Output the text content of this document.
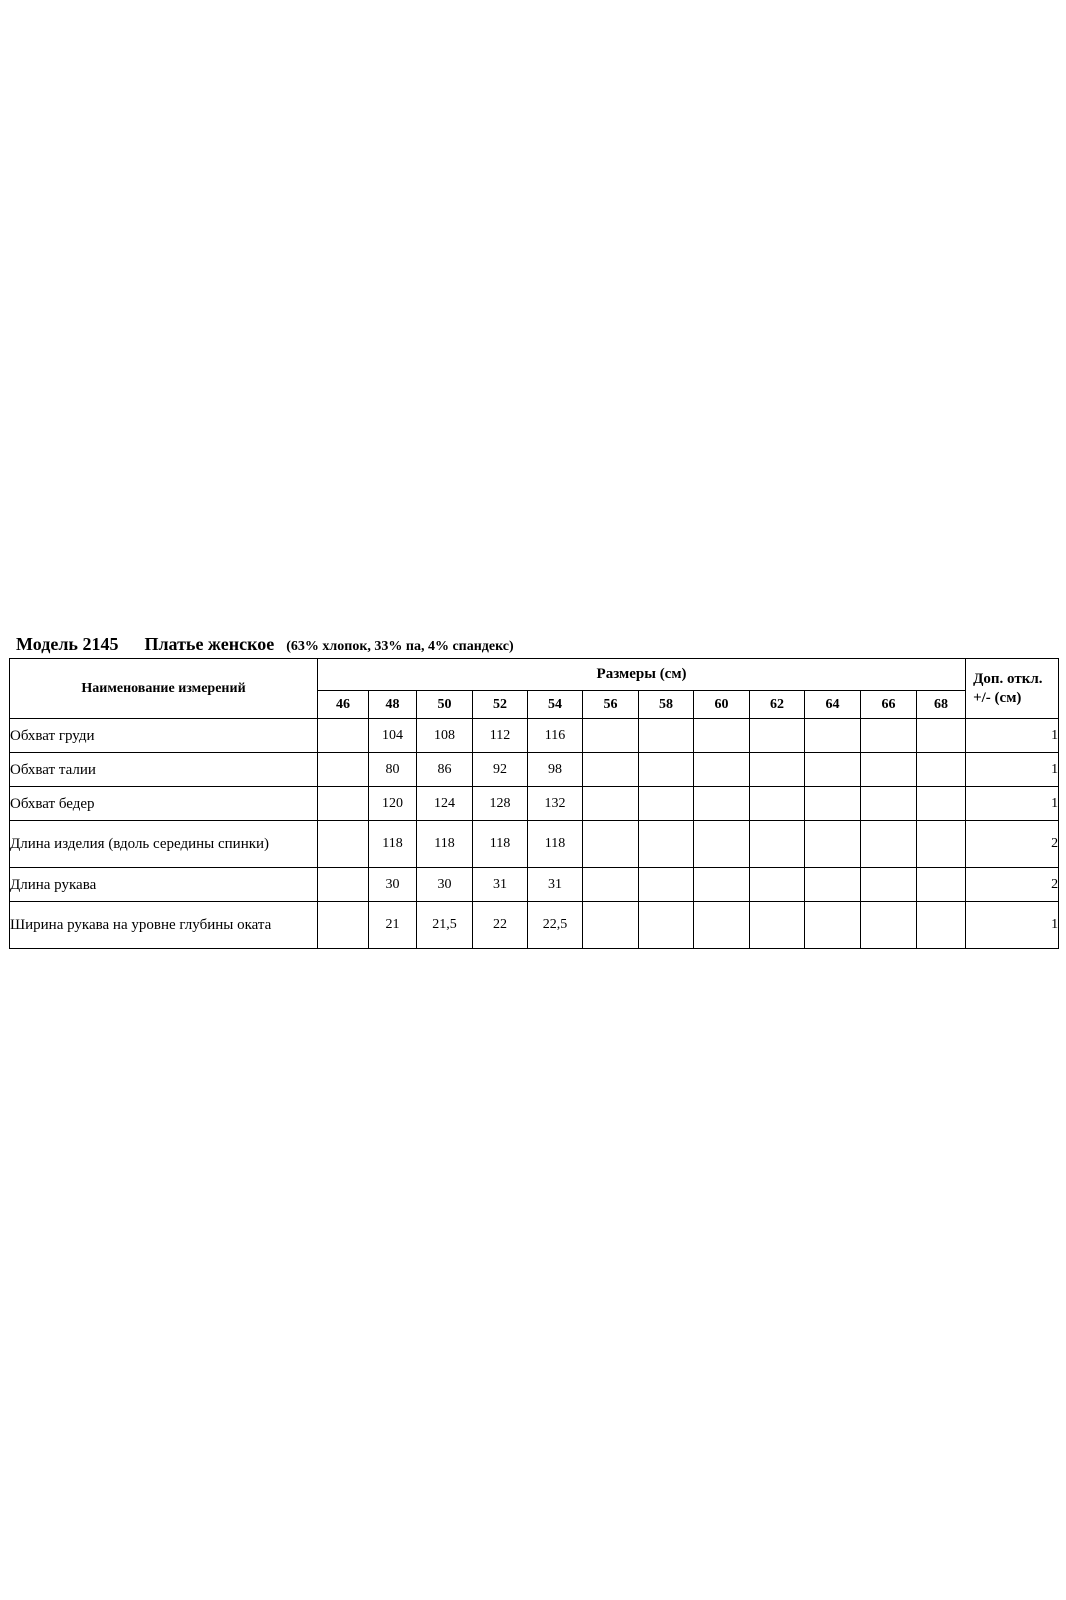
Модель 2145 Платье женское (63% хлопок, 33% па, 4% спандекс)
Наименование измерений	Размеры (см)												Доп. откл. +/- (см)
	46	48	50	52	54	56	58	60	62	64	66	68	
Обхват груди		104	108	112	116								1
Обхват талии		80	86	92	98								1
Обхват бедер		120	124	128	132								1
Длина изделия (вдоль середины спинки)		118	118	118	118								2
Длина рукава		30	30	31	31								2
Ширина рукава на уровне глубины оката		21	21,5	22	22,5								1
